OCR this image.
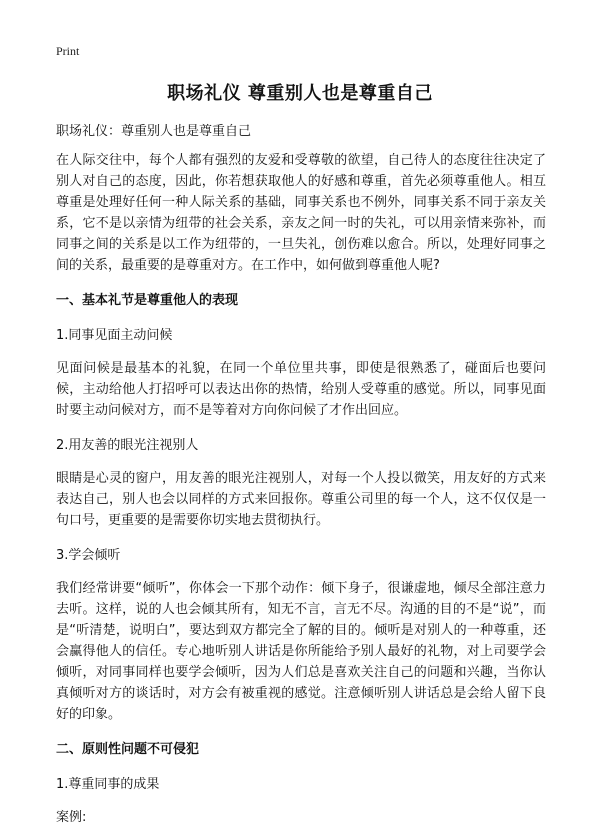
Print
职场礼仪 尊重别人也是尊重自己
职场礼仪：尊重别人也是尊重自己

在人际交往中，每个人都有强烈的友爱和受尊敬的欲望，自己待人的态度往往决定了别人对自己的态度，因此，你若想获取他人的好感和尊重，首先必须尊重他人。相互尊重是处理好任何一种人际关系的基础，同事关系也不例外，同事关系不同于亲友关系，它不是以亲情为纽带的社会关系，亲友之间一时的失礼，可以用亲情来弥补，而同事之间的关系是以工作为纽带的，一旦失礼，创伤难以愈合。所以，处理好同事之间的关系，最重要的是尊重对方。在工作中，如何做到尊重他人呢?

一、基本礼节是尊重他人的表现
1.同事见面主动问候

见面问候是最基本的礼貌，在同一个单位里共事，即使是很熟悉了，碰面后也要问候，主动给他人打招呼可以表达出你的热情，给别人受尊重的感觉。所以，同事见面时要主动问候对方，而不是等着对方向你问候了才作出回应。

2.用友善的眼光注视别人

眼睛是心灵的窗户，用友善的眼光注视别人，对每一个人投以微笑，用友好的方式来表达自己，别人也会以同样的方式来回报你。尊重公司里的每一个人，这不仅仅是一句口号，更重要的是需要你切实地去贯彻执行。

3.学会倾听

我们经常讲要“倾听”，你体会一下那个动作：倾下身子，很谦虚地，倾尽全部注意力去听。这样，说的人也会倾其所有，知无不言，言无不尽。沟通的目的不是“说”，而是“听清楚，说明白”，要达到双方都完全了解的目的。倾听是对别人的一种尊重，还会赢得他人的信任。专心地听别人讲话是你所能给予别人最好的礼物，对上司要学会倾听，对同事同样也要学会倾听，因为人们总是喜欢关注自己的问题和兴趣，当你认真倾听对方的谈话时，对方会有被重视的感觉。注意倾听别人讲话总是会给人留下良好的印象。

二、原则性问题不可侵犯
1.尊重同事的成果
案例:
